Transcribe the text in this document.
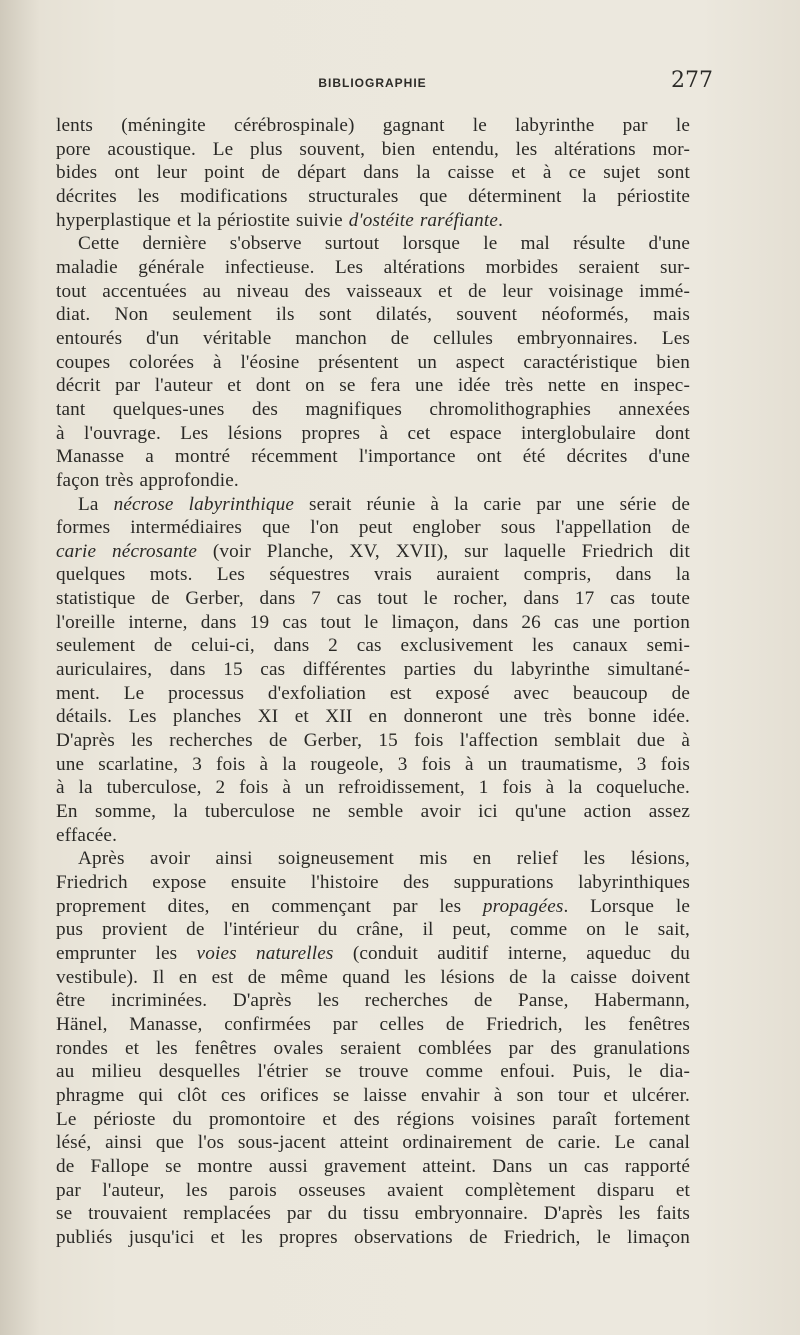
BIBLIOGRAPHIE	277
lents (méningite cérébrospinale) gagnant le labyrinthe par le
pore acoustique. Le plus souvent, bien entendu, les altérations mor-
bides ont leur point de départ dans la caisse et à ce sujet sont
décrites les modifications structurales que déterminent la périostite
hyperplastique et la périostite suivie d'ostéite raréfiante.
Cette dernière s'observe surtout lorsque le mal résulte d'une
maladie générale infectieuse. Les altérations morbides seraient sur-
tout accentuées au niveau des vaisseaux et de leur voisinage immé-
diat. Non seulement ils sont dilatés, souvent néoformés, mais
entourés d'un véritable manchon de cellules embryonnaires. Les
coupes colorées à l'éosine présentent un aspect caractéristique bien
décrit par l'auteur et dont on se fera une idée très nette en inspec-
tant quelques-unes des magnifiques chromolithographies annexées
à l'ouvrage. Les lésions propres à cet espace interglobulaire dont
Manasse a montré récemment l'importance ont été décrites d'une
façon très approfondie.
La nécrose labyrinthique serait réunie à la carie par une série de
formes intermédiaires que l'on peut englober sous l'appellation de
carie nécrosante (voir Planche, XV, XVII), sur laquelle Friedrich dit
quelques mots. Les séquestres vrais auraient compris, dans la
statistique de Gerber, dans 7 cas tout le rocher, dans 17 cas toute
l'oreille interne, dans 19 cas tout le limaçon, dans 26 cas une portion
seulement de celui-ci, dans 2 cas exclusivement les canaux semi-
auriculaires, dans 15 cas différentes parties du labyrinthe simultané-
ment. Le processus d'exfoliation est exposé avec beaucoup de
détails. Les planches XI et XII en donneront une très bonne idée.
D'après les recherches de Gerber, 15 fois l'affection semblait due à
une scarlatine, 3 fois à la rougeole, 3 fois à un traumatisme, 3 fois
à la tuberculose, 2 fois à un refroidissement, 1 fois à la coqueluche.
En somme, la tuberculose ne semble avoir ici qu'une action assez
effacée.
Après avoir ainsi soigneusement mis en relief les lésions,
Friedrich expose ensuite l'histoire des suppurations labyrinthiques
proprement dites, en commençant par les propagées. Lorsque le
pus provient de l'intérieur du crâne, il peut, comme on le sait,
emprunter les voies naturelles (conduit auditif interne, aqueduc du
vestibule). Il en est de même quand les lésions de la caisse doivent
être incriminées. D'après les recherches de Panse, Habermann,
Hänel, Manasse, confirmées par celles de Friedrich, les fenêtres
rondes et les fenêtres ovales seraient comblées par des granulations
au milieu desquelles l'étrier se trouve comme enfoui. Puis, le dia-
phragme qui clôt ces orifices se laisse envahir à son tour et ulcérer.
Le périoste du promontoire et des régions voisines paraît fortement
lésé, ainsi que l'os sous-jacent atteint ordinairement de carie. Le canal
de Fallope se montre aussi gravement atteint. Dans un cas rapporté
par l'auteur, les parois osseuses avaient complètement disparu et
se trouvaient remplacées par du tissu embryonnaire. D'après les faits
publiés jusqu'ici et les propres observations de Friedrich, le limaçon
